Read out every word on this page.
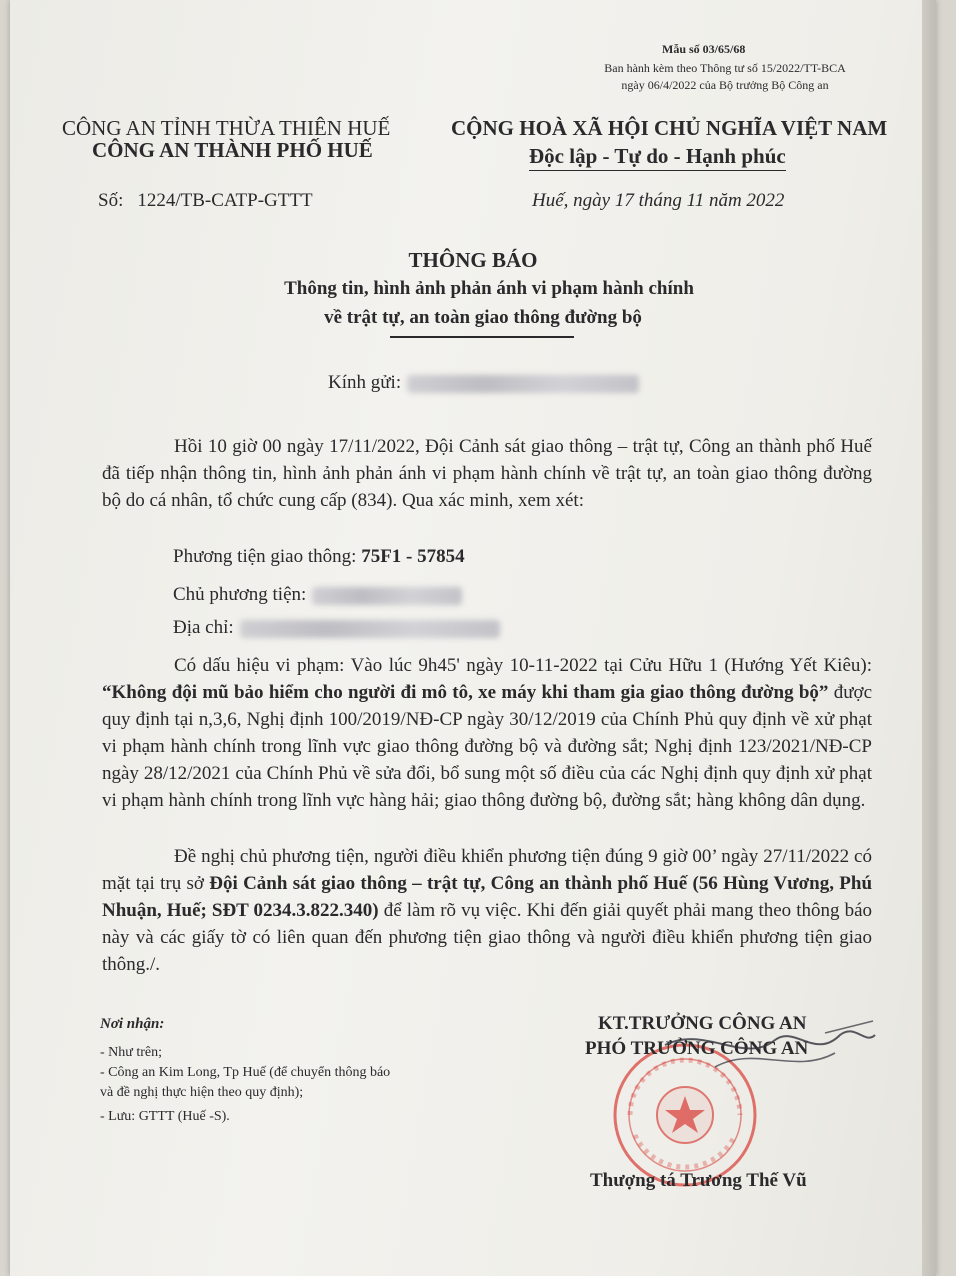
Mẫu số 03/65/68
Ban hành kèm theo Thông tư số 15/2022/TT-BCA
ngày 06/4/2022 của Bộ trưởng Bộ Công an
CÔNG AN TỈNH THỪA THIÊN HUẾ
CÔNG AN THÀNH PHỐ HUẾ
CỘNG HOÀ XÃ HỘI CHỦ NGHĨA VIỆT NAM
Độc lập - Tự do - Hạnh phúc
Số: 1224/TB-CATP-GTTT	Huế, ngày 17 tháng 11 năm 2022
THÔNG BÁO
Thông tin, hình ảnh phản ánh vi phạm hành chính
về trật tự, an toàn giao thông đường bộ
Kính gửi:
Hồi 10 giờ 00 ngày 17/11/2022, Đội Cảnh sát giao thông – trật tự, Công an thành phố Huế đã tiếp nhận thông tin, hình ảnh phản ánh vi phạm hành chính về trật tự, an toàn giao thông đường bộ do cá nhân, tổ chức cung cấp (834). Qua xác minh, xem xét:
Phương tiện giao thông: 75F1 - 57854
Chủ phương tiện:
Địa chỉ:
Có dấu hiệu vi phạm: Vào lúc 9h45' ngày 10-11-2022 tại Cửu Hữu 1 (Hướng Yết Kiêu): “Không đội mũ bảo hiểm cho người đi mô tô, xe máy khi tham gia giao thông đường bộ” được quy định tại n,3,6, Nghị định 100/2019/NĐ-CP ngày 30/12/2019 của Chính Phủ quy định về xử phạt vi phạm hành chính trong lĩnh vực giao thông đường bộ và đường sắt; Nghị định 123/2021/NĐ-CP ngày 28/12/2021 của Chính Phủ về sửa đổi, bổ sung một số điều của các Nghị định quy định xử phạt vi phạm hành chính trong lĩnh vực hàng hải; giao thông đường bộ, đường sắt; hàng không dân dụng.
Đề nghị chủ phương tiện, người điều khiển phương tiện đúng 9 giờ 00’ ngày 27/11/2022 có mặt tại trụ sở Đội Cảnh sát giao thông – trật tự, Công an thành phố Huế (56 Hùng Vương, Phú Nhuận, Huế; SĐT 0234.3.822.340) để làm rõ vụ việc. Khi đến giải quyết phải mang theo thông báo này và các giấy tờ có liên quan đến phương tiện giao thông và người điều khiển phương tiện giao thông./.
Nơi nhận:
- Như trên;
- Công an Kim Long, Tp Huế (để chuyển thông báo
và đề nghị thực hiện theo quy định);
- Lưu: GTTT (Huế -S).
KT.TRƯỞNG CÔNG AN
PHÓ TRƯỞNG CÔNG AN
Thượng tá Trương Thế Vũ
